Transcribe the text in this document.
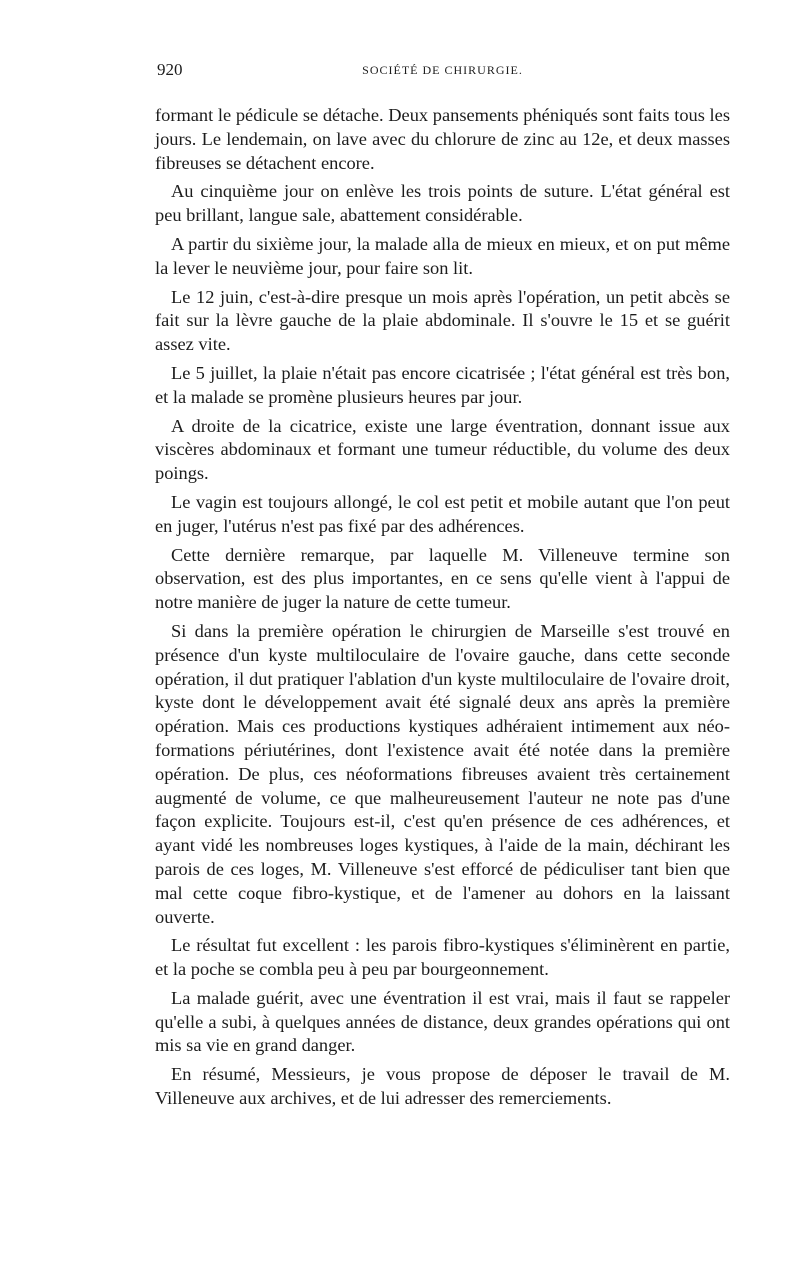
920	SOCIÉTÉ DE CHIRURGIE.

formant le pédicule se détache. Deux pansements phéniqués sont faits tous les jours. Le lendemain, on lave avec du chlorure de zinc au 12e, et deux masses fibreuses se détachent encore.

Au cinquième jour on enlève les trois points de suture. L'état général est peu brillant, langue sale, abattement considérable.

A partir du sixième jour, la malade alla de mieux en mieux, et on put même la lever le neuvième jour, pour faire son lit.

Le 12 juin, c'est-à-dire presque un mois après l'opération, un petit abcès se fait sur la lèvre gauche de la plaie abdominale. Il s'ouvre le 15 et se guérit assez vite.

Le 5 juillet, la plaie n'était pas encore cicatrisée ; l'état général est très bon, et la malade se promène plusieurs heures par jour.

A droite de la cicatrice, existe une large éventration, donnant issue aux viscères abdominaux et formant une tumeur réductible, du volume des deux poings.

Le vagin est toujours allongé, le col est petit et mobile autant que l'on peut en juger, l'utérus n'est pas fixé par des adhérences.

Cette dernière remarque, par laquelle M. Villeneuve termine son observation, est des plus importantes, en ce sens qu'elle vient à l'appui de notre manière de juger la nature de cette tumeur.

Si dans la première opération le chirurgien de Marseille s'est trouvé en présence d'un kyste multiloculaire de l'ovaire gauche, dans cette seconde opération, il dut pratiquer l'ablation d'un kyste multiloculaire de l'ovaire droit, kyste dont le développement avait été signalé deux ans après la première opération. Mais ces productions kystiques adhéraient intimement aux néo-formations périutérines, dont l'existence avait été notée dans la première opération. De plus, ces néoformations fibreuses avaient très certainement augmenté de volume, ce que malheureusement l'auteur ne note pas d'une façon explicite. Toujours est-il, c'est qu'en présence de ces adhérences, et ayant vidé les nombreuses loges kystiques, à l'aide de la main, déchirant les parois de ces loges, M. Villeneuve s'est efforcé de pédiculiser tant bien que mal cette coque fibro-kystique, et de l'amener au dohors en la laissant ouverte.

Le résultat fut excellent : les parois fibro-kystiques s'éliminèrent en partie, et la poche se combla peu à peu par bourgeonnement.

La malade guérit, avec une éventration il est vrai, mais il faut se rappeler qu'elle a subi, à quelques années de distance, deux grandes opérations qui ont mis sa vie en grand danger.

En résumé, Messieurs, je vous propose de déposer le travail de M. Villeneuve aux archives, et de lui adresser des remerciements.
